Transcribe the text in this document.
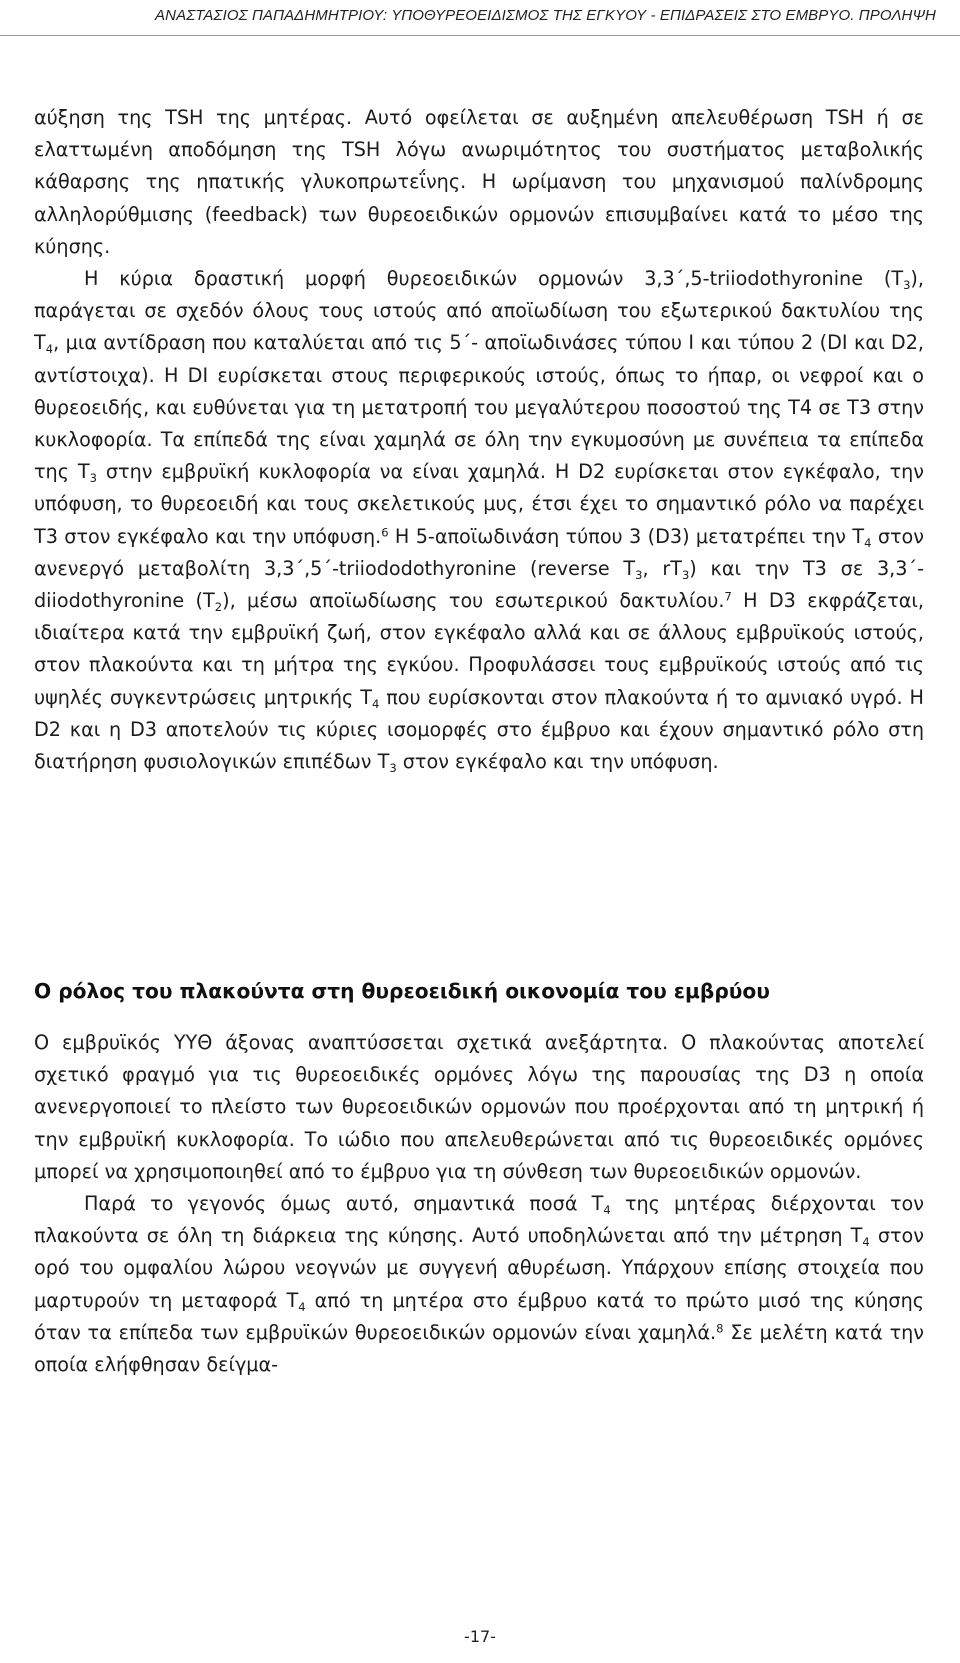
ΑΝΑΣΤΑΣΙΟΣ ΠΑΠΑΔΗΜΗΤΡΙΟΥ: ΥΠΟΘΥΡΕΟΕΙΔΙΣΜΟΣ ΤΗΣ ΕΓΚΥΟΥ - ΕΠΙΔΡΑΣΕΙΣ ΣΤΟ ΕΜΒΡΥΟ. ΠΡΟΛΗΨΗ

αύξηση της TSH της μητέρας. Αυτό οφείλεται σε αυξημένη απελευθέρωση TSH ή σε ελαττωμένη αποδόμηση της TSH λόγω ανωριμότητος του συστήματος μεταβολικής κάθαρσης της ηπατικής γλυκοπρωτεΐνης. Η ωρίμανση του μηχανισμού παλίνδρομης αλληλορύθμισης (feedback) των θυρεοειδικών ορμονών επισυμβαίνει κατά το μέσο της κύησης.

Η κύρια δραστική μορφή θυρεοειδικών ορμονών 3,3΄,5-triiodothyronine $(T_3)$, παράγεται σε σχεδόν όλους τους ιστούς από αποϊωδίωση του εξωτερικού δακτυλίου της $T_4$, μια αντίδραση που καταλύεται από τις 5΄- αποϊωδινάσες τύπου Ι και τύπου 2 (DI και D2, αντίστοιχα). Η DI ευρίσκεται στους περιφερικούς ιστούς, όπως το ήπαρ, οι νεφροί και ο θυρεοειδής, και ευθύνεται για τη μετατροπή του μεγαλύτερου ποσοστού της T4 σε T3 στην κυκλοφορία. Τα επίπεδά της είναι χαμηλά σε όλη την εγκυμοσύνη με συνέπεια τα επίπεδα της $T_3$ στην εμβρυϊκή κυκλοφορία να είναι χαμηλά. Η D2 ευρίσκεται στον εγκέφαλο, την υπόφυση, το θυρεοειδή και τους σκελετικούς μυς, έτσι έχει το σημαντικό ρόλο να παρέχει T3 στον εγκέφαλο και την υπόφυση.$^6$ Η 5-αποϊωδινάση τύπου 3 (D3) μετατρέπει την $T_4$ στον ανενεργό μεταβολίτη 3,3΄,5΄-triiododothyronine (reverse $T_3$, $rT_3$) και την T3 σε 3,3΄-diiodothyronine $(T_2)$, μέσω αποϊωδίωσης του εσωτερικού δακτυλίου.$^7$ Η D3 εκφράζεται, ιδιαίτερα κατά την εμβρυϊκή ζωή, στον εγκέφαλο αλλά και σε άλλους εμβρυϊκούς ιστούς, στον πλακούντα και τη μήτρα της εγκύου. Προφυλάσσει τους εμβρυϊκούς ιστούς από τις υψηλές συγκεντρώσεις μητρικής $T_4$ που ευρίσκονται στον πλακούντα ή το αμνιακό υγρό. Η D2 και η D3 αποτελούν τις κύριες ισομορφές στο έμβρυο και έχουν σημαντικό ρόλο στη διατήρηση φυσιολογικών επιπέδων $T_3$ στον εγκέφαλο και την υπόφυση.

Ο ρόλος του πλακούντα στη θυρεοειδική οικονομία του εμβρύου

Ο εμβρυϊκός ΥΥΘ άξονας αναπτύσσεται σχετικά ανεξάρτητα. Ο πλακούντας αποτελεί σχετικό φραγμό για τις θυρεοειδικές ορμόνες λόγω της παρουσίας της D3 η οποία ανενεργοποιεί το πλείστο των θυρεοειδικών ορμονών που προέρχονται από τη μητρική ή την εμβρυϊκή κυκλοφορία. Το ιώδιο που απελευθερώνεται από τις θυρεοειδικές ορμόνες μπορεί να χρησιμοποιηθεί από το έμβρυο για τη σύνθεση των θυρεοειδικών ορμονών.

Παρά το γεγονός όμως αυτό, σημαντικά ποσά $T_4$ της μητέρας διέρχονται τον πλακούντα σε όλη τη διάρκεια της κύησης. Αυτό υποδηλώνεται από την μέτρηση $T_4$ στον ορό του ομφαλίου λώρου νεογνών με συγγενή αθυρέωση. Υπάρχουν επίσης στοιχεία που μαρτυρούν τη μεταφορά $T_4$ από τη μητέρα στο έμβρυο κατά το πρώτο μισό της κύησης όταν τα επίπεδα των εμβρυϊκών θυρεοειδικών ορμονών είναι χαμηλά.$^8$ Σε μελέτη κατά την οποία ελήφθησαν δείγμα-

-17-
